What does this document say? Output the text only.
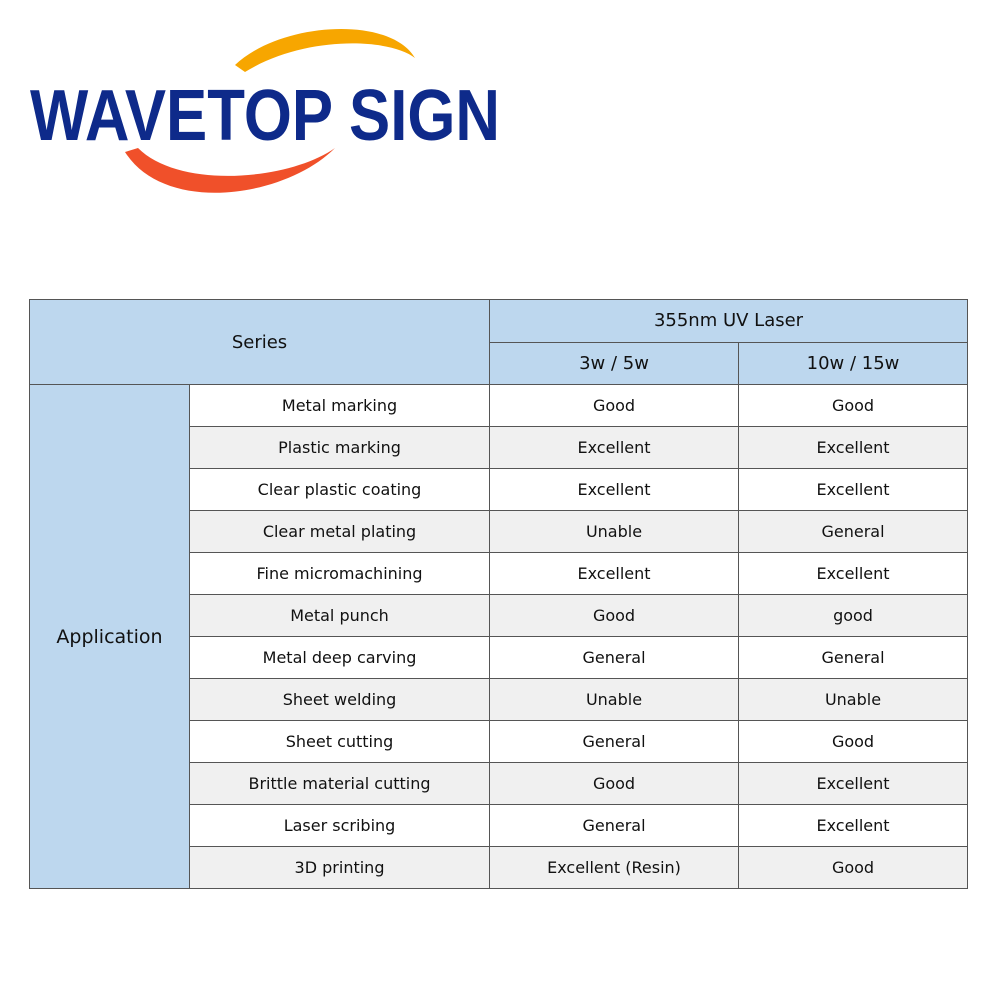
WAVETOP SIGN
Series		355nm UV Laser	
		3w / 5w	10w / 15w
Application	Metal marking	Good	Good
	Plastic marking	Excellent	Excellent
	Clear plastic coating	Excellent	Excellent
	Clear metal plating	Unable	General
	Fine micromachining	Excellent	Excellent
	Metal punch	Good	good
	Metal deep carving	General	General
	Sheet welding	Unable	Unable
	Sheet cutting	General	Good
	Brittle material cutting	Good	Excellent
	Laser scribing	General	Excellent
	3D printing	Excellent (Resin)	Good
